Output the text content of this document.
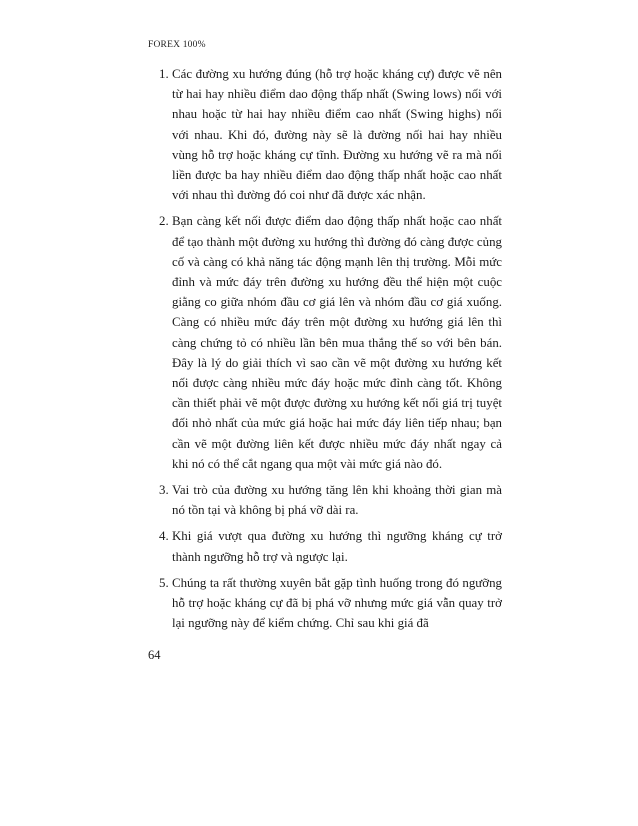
FOREX 100%
1. Các đường xu hướng đúng (hỗ trợ hoặc kháng cự) được vẽ nên từ hai hay nhiều điểm dao động thấp nhất (Swing lows) nối với nhau hoặc từ hai hay nhiều điểm cao nhất (Swing highs) nối với nhau. Khi đó, đường này sẽ là đường nối hai hay nhiều vùng hỗ trợ hoặc kháng cự tĩnh. Đường xu hướng vẽ ra mà nối liền được ba hay nhiều điểm dao động thấp nhất hoặc cao nhất với nhau thì đường đó coi như đã được xác nhận.
2. Bạn càng kết nối được điểm dao động thấp nhất hoặc cao nhất để tạo thành một đường xu hướng thì đường đó càng được củng cố và càng có khả năng tác động mạnh lên thị trường. Mỗi mức đỉnh và mức đáy trên đường xu hướng đều thể hiện một cuộc giằng co giữa nhóm đầu cơ giá lên và nhóm đầu cơ giá xuống. Càng có nhiều mức đáy trên một đường xu hướng giá lên thì càng chứng tỏ có nhiều lần bên mua thắng thế so với bên bán. Đây là lý do giải thích vì sao cần vẽ một đường xu hướng kết nối được càng nhiều mức đáy hoặc mức đỉnh càng tốt. Không cần thiết phải vẽ một được đường xu hướng kết nối giá trị tuyệt đối nhỏ nhất của mức giá hoặc hai mức đáy liên tiếp nhau; bạn cần vẽ một đường liên kết được nhiều mức đáy nhất ngay cả khi nó có thể cắt ngang qua một vài mức giá nào đó.
3. Vai trò của đường xu hướng tăng lên khi khoảng thời gian mà nó tồn tại và không bị phá vỡ dài ra.
4. Khi giá vượt qua đường xu hướng thì ngưỡng kháng cự trở thành ngưỡng hỗ trợ và ngược lại.
5. Chúng ta rất thường xuyên bắt gặp tình huống trong đó ngưỡng hỗ trợ hoặc kháng cự đã bị phá vỡ nhưng mức giá vẫn quay trở lại ngưỡng này để kiểm chứng. Chỉ sau khi giá đã
64
